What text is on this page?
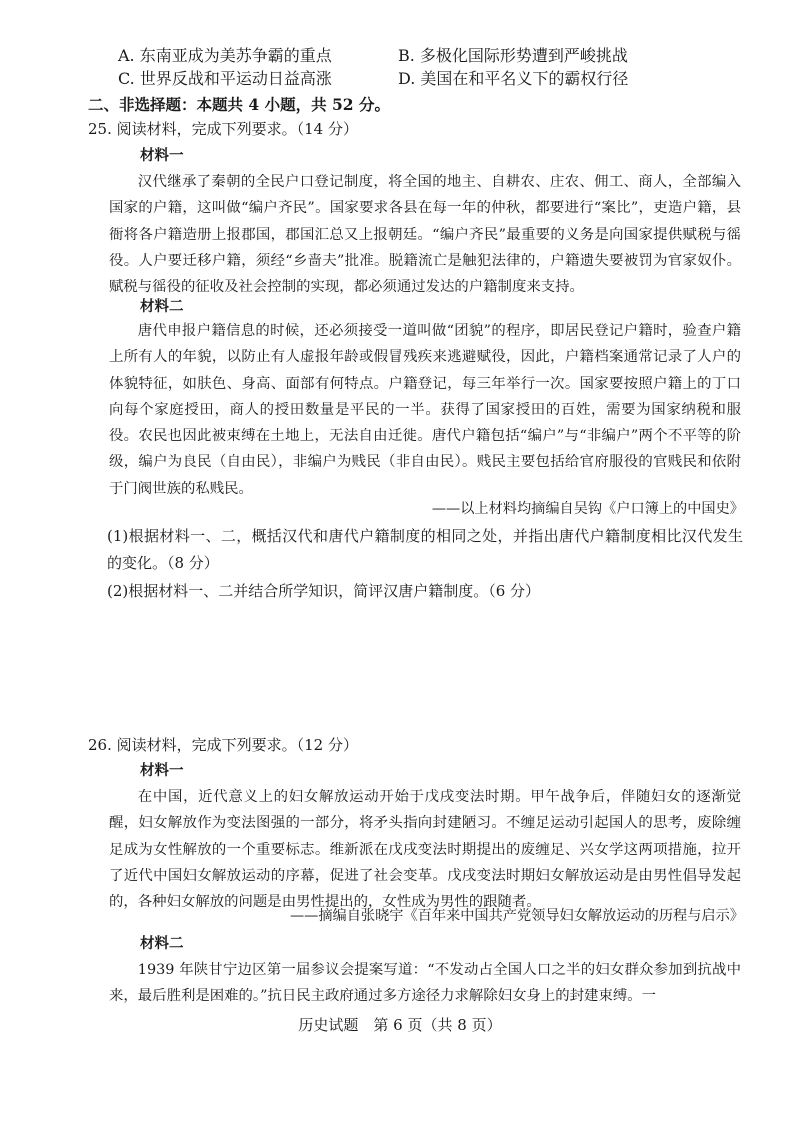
A. 东南亚成为美苏争霸的重点	B. 多极化国际形势遭到严峻挑战
C. 世界反战和平运动日益高涨	D. 美国在和平名义下的霸权行径
二、非选择题：本题共 4 小题，共 52 分。
25. 阅读材料，完成下列要求。（14 分）
材料一
汉代继承了秦朝的全民户口登记制度，将全国的地主、自耕农、庄农、佣工、商人，全部编入国家的户籍，这叫做“编户齐民”。国家要求各县在每一年的仲秋，都要进行“案比”，吏造户籍，县衙将各户籍造册上报郡国，郡国汇总又上报朝廷。“编户齐民”最重要的义务是向国家提供赋税与徭役。人户要迁移户籍，须经“乡啬夫”批准。脱籍流亡是触犯法律的，户籍遗失要被罚为官家奴仆。赋税与徭役的征收及社会控制的实现，都必须通过发达的户籍制度来支持。
材料二
唐代申报户籍信息的时候，还必须接受一道叫做“团貌”的程序，即居民登记户籍时，验查户籍上所有人的年貌，以防止有人虚报年龄或假冒残疾来逃避赋役，因此，户籍档案通常记录了人户的体貌特征，如肤色、身高、面部有何特点。户籍登记，每三年举行一次。国家要按照户籍上的丁口向每个家庭授田，商人的授田数量是平民的一半。获得了国家授田的百姓，需要为国家纳税和服役。农民也因此被束缚在土地上，无法自由迁徙。唐代户籍包括“编户”与“非编户”两个不平等的阶级，编户为良民（自由民），非编户为贱民（非自由民）。贱民主要包括给官府服役的官贱民和依附于门阀世族的私贱民。
——以上材料均摘编自吴钩《户口簿上的中国史》
(1)根据材料一、二，概括汉代和唐代户籍制度的相同之处，并指出唐代户籍制度相比汉代发生的变化。（8 分）
(2)根据材料一、二并结合所学知识，简评汉唐户籍制度。（6 分）
26. 阅读材料，完成下列要求。（12 分）
材料一
在中国，近代意义上的妇女解放运动开始于戊戌变法时期。甲午战争后，伴随妇女的逐渐觉醒，妇女解放作为变法图强的一部分，将矛头指向封建陋习。不缠足运动引起国人的思考，废除缠足成为女性解放的一个重要标志。维新派在戊戌变法时期提出的废缠足、兴女学这两项措施，拉开了近代中国妇女解放运动的序幕，促进了社会变革。戊戌变法时期妇女解放运动是由男性倡导发起的，各种妇女解放的问题是由男性提出的，女性成为男性的跟随者。
——摘编自张晓宇《百年来中国共产党领导妇女解放运动的历程与启示》
材料二
1939 年陕甘宁边区第一届参议会提案写道：“不发动占全国人口之半的妇女群众参加到抗战中来，最后胜利是困难的。”抗日民主政府通过多方途径力求解除妇女身上的封建束缚。一
历史试题　第 6 页（共 8 页）
